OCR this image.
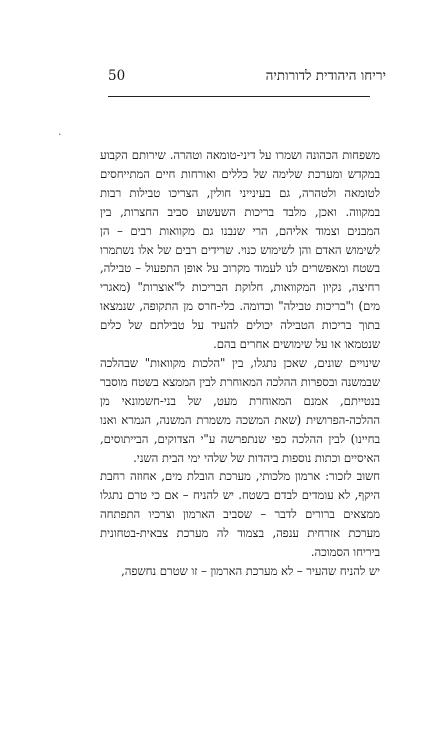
יריחו היהודית לדורותיה
50
·

משפחות הכהונה ושמרו על דיני-טומאה וטהרה. שירותם הקבוע במקדש ומערכת שלימה של כללים ואורחות חיים המתייחסים לטומאה ולטהרה, גם בעינייני חולין, הצריכו טבילות רבות במקווה. ואכן, מלבד בריכות השעשוע סביב החצרות, בין המבנים וצמוד אליהם, הרי שנבנו גם מקוואות רבים – הן לשימוש האדם והן לשימוש כנוי. שרידים רבים של אלו נשתמרו בשטח ומאפשרים לנו לעמוד מקרוב על אופן התפעול – טבילה, רחיצה, נקיון המקוואות, חלוקת הבריכות ל"אוצרות" (מאגרי מים) ו"בריכות טבילה" וכדומה. כלי-חרס מן התקופה, שנמצאו בתוך בריכות הטבילה יכולים להעיד על טבילתם של כלים שנטמאו או על שימושים אחרים בהם.

שינויים שונים, שאכן נתגלו, בין "הלכות מקוואות" שבהלכה שבמשנה ובספרות ההלכה המאוחרת לבין הממצא בשטח מוסבר בנטייתם, אמנם המאוחרת מעט, של בני-חשמונאי מן ההלכה-הפרושית (שאת המשכה משמרת המשנה, הגמרא ואנו בחיינו) לבין ההלכה כפי שנתפרשה ע"י הצדוקים, הבייתוסים, האיסיים וכתות נוספות ביהדות של שלהי ימי הבית השני.

חשוב לזכור: ארמון מלכותי, מערכת הובלת מים, אחוזה רחבת היקף, לא עומדים לבדם בשטח. יש להניח – אם כי טרם נתגלו ממצאים ברורים לדבר – שסביב הארמון וצרכיו התפתחה מערכת אזרחית ענפה, בצמוד לה מערכת צבאית-בטחונית ביריחו הסמוכה.

יש להניח שהעיר – לא מערכת הארמון – זו שטרם נחשפה,
